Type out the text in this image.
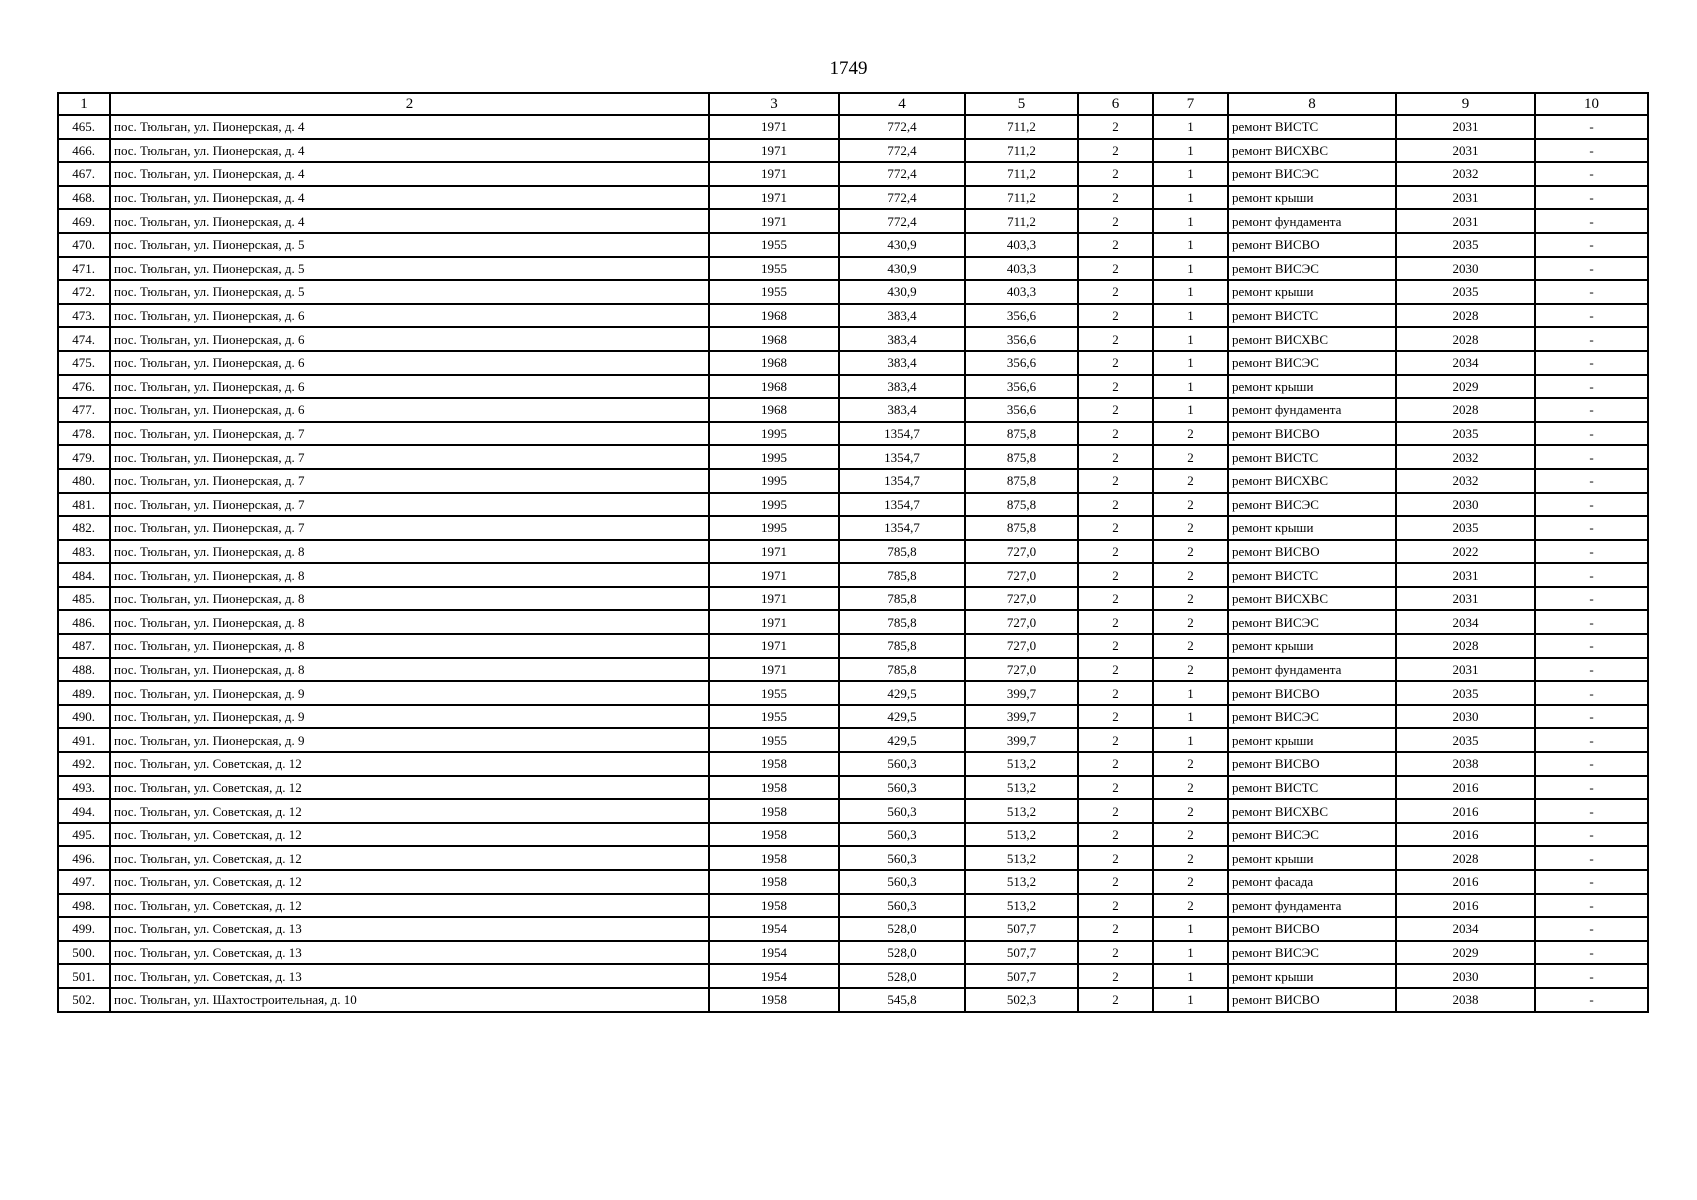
1749
1	2	3	4	5	6	7	8	9	10
465.	пос. Тюльган, ул. Пионерская, д. 4	1971	772,4	711,2	2	1	ремонт ВИСТС	2031	-
466.	пос. Тюльган, ул. Пионерская, д. 4	1971	772,4	711,2	2	1	ремонт ВИСХВС	2031	-
467.	пос. Тюльган, ул. Пионерская, д. 4	1971	772,4	711,2	2	1	ремонт ВИСЭС	2032	-
468.	пос. Тюльган, ул. Пионерская, д. 4	1971	772,4	711,2	2	1	ремонт крыши	2031	-
469.	пос. Тюльган, ул. Пионерская, д. 4	1971	772,4	711,2	2	1	ремонт фундамента	2031	-
470.	пос. Тюльган, ул. Пионерская, д. 5	1955	430,9	403,3	2	1	ремонт ВИСВО	2035	-
471.	пос. Тюльган, ул. Пионерская, д. 5	1955	430,9	403,3	2	1	ремонт ВИСЭС	2030	-
472.	пос. Тюльган, ул. Пионерская, д. 5	1955	430,9	403,3	2	1	ремонт крыши	2035	-
473.	пос. Тюльган, ул. Пионерская, д. 6	1968	383,4	356,6	2	1	ремонт ВИСТС	2028	-
474.	пос. Тюльган, ул. Пионерская, д. 6	1968	383,4	356,6	2	1	ремонт ВИСХВС	2028	-
475.	пос. Тюльган, ул. Пионерская, д. 6	1968	383,4	356,6	2	1	ремонт ВИСЭС	2034	-
476.	пос. Тюльган, ул. Пионерская, д. 6	1968	383,4	356,6	2	1	ремонт крыши	2029	-
477.	пос. Тюльган, ул. Пионерская, д. 6	1968	383,4	356,6	2	1	ремонт фундамента	2028	-
478.	пос. Тюльган, ул. Пионерская, д. 7	1995	1354,7	875,8	2	2	ремонт ВИСВО	2035	-
479.	пос. Тюльган, ул. Пионерская, д. 7	1995	1354,7	875,8	2	2	ремонт ВИСТС	2032	-
480.	пос. Тюльган, ул. Пионерская, д. 7	1995	1354,7	875,8	2	2	ремонт ВИСХВС	2032	-
481.	пос. Тюльган, ул. Пионерская, д. 7	1995	1354,7	875,8	2	2	ремонт ВИСЭС	2030	-
482.	пос. Тюльган, ул. Пионерская, д. 7	1995	1354,7	875,8	2	2	ремонт крыши	2035	-
483.	пос. Тюльган, ул. Пионерская, д. 8	1971	785,8	727,0	2	2	ремонт ВИСВО	2022	-
484.	пос. Тюльган, ул. Пионерская, д. 8	1971	785,8	727,0	2	2	ремонт ВИСТС	2031	-
485.	пос. Тюльган, ул. Пионерская, д. 8	1971	785,8	727,0	2	2	ремонт ВИСХВС	2031	-
486.	пос. Тюльган, ул. Пионерская, д. 8	1971	785,8	727,0	2	2	ремонт ВИСЭС	2034	-
487.	пос. Тюльган, ул. Пионерская, д. 8	1971	785,8	727,0	2	2	ремонт крыши	2028	-
488.	пос. Тюльган, ул. Пионерская, д. 8	1971	785,8	727,0	2	2	ремонт фундамента	2031	-
489.	пос. Тюльган, ул. Пионерская, д. 9	1955	429,5	399,7	2	1	ремонт ВИСВО	2035	-
490.	пос. Тюльган, ул. Пионерская, д. 9	1955	429,5	399,7	2	1	ремонт ВИСЭС	2030	-
491.	пос. Тюльган, ул. Пионерская, д. 9	1955	429,5	399,7	2	1	ремонт крыши	2035	-
492.	пос. Тюльган, ул. Советская, д. 12	1958	560,3	513,2	2	2	ремонт ВИСВО	2038	-
493.	пос. Тюльган, ул. Советская, д. 12	1958	560,3	513,2	2	2	ремонт ВИСТС	2016	-
494.	пос. Тюльган, ул. Советская, д. 12	1958	560,3	513,2	2	2	ремонт ВИСХВС	2016	-
495.	пос. Тюльган, ул. Советская, д. 12	1958	560,3	513,2	2	2	ремонт ВИСЭС	2016	-
496.	пос. Тюльган, ул. Советская, д. 12	1958	560,3	513,2	2	2	ремонт крыши	2028	-
497.	пос. Тюльган, ул. Советская, д. 12	1958	560,3	513,2	2	2	ремонт фасада	2016	-
498.	пос. Тюльган, ул. Советская, д. 12	1958	560,3	513,2	2	2	ремонт фундамента	2016	-
499.	пос. Тюльган, ул. Советская, д. 13	1954	528,0	507,7	2	1	ремонт ВИСВО	2034	-
500.	пос. Тюльган, ул. Советская, д. 13	1954	528,0	507,7	2	1	ремонт ВИСЭС	2029	-
501.	пос. Тюльган, ул. Советская, д. 13	1954	528,0	507,7	2	1	ремонт крыши	2030	-
502.	пос. Тюльган, ул. Шахтостроительная, д. 10	1958	545,8	502,3	2	1	ремонт ВИСВО	2038	-
